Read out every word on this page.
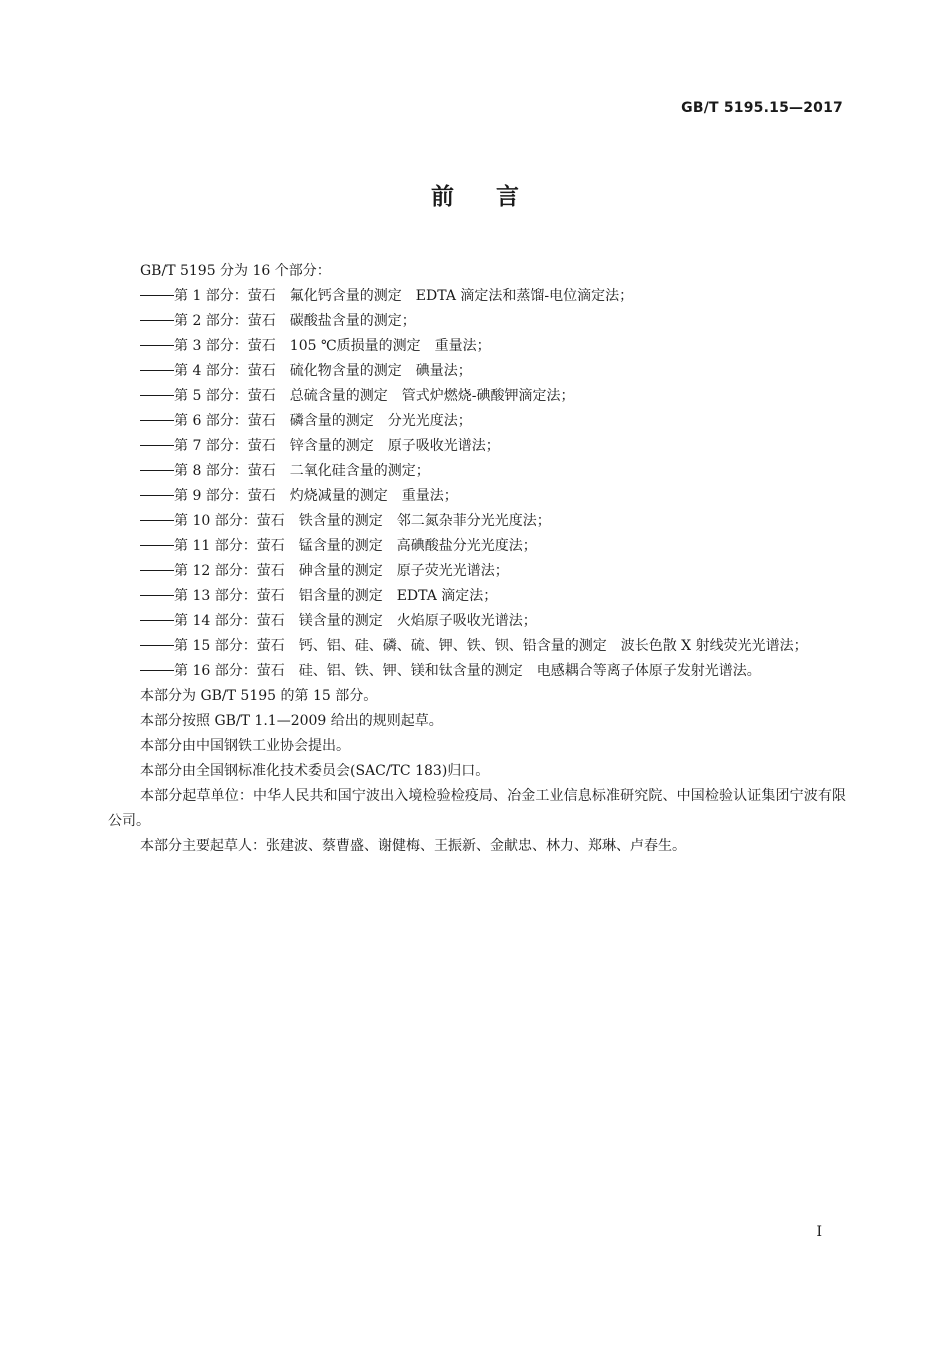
GB/T 5195.15—2017
前言

GB/T 5195 分为 16 个部分：

第 1 部分：萤石　氟化钙含量的测定　EDTA 滴定法和蒸馏-电位滴定法；
第 2 部分：萤石　碳酸盐含量的测定；
第 3 部分：萤石　105 ℃质损量的测定　重量法；
第 4 部分：萤石　硫化物含量的测定　碘量法；
第 5 部分：萤石　总硫含量的测定　管式炉燃烧-碘酸钾滴定法；
第 6 部分：萤石　磷含量的测定　分光光度法；
第 7 部分：萤石　锌含量的测定　原子吸收光谱法；
第 8 部分：萤石　二氧化硅含量的测定；
第 9 部分：萤石　灼烧减量的测定　重量法；
第 10 部分：萤石　铁含量的测定　邻二氮杂菲分光光度法；
第 11 部分：萤石　锰含量的测定　高碘酸盐分光光度法；
第 12 部分：萤石　砷含量的测定　原子荧光光谱法；
第 13 部分：萤石　铝含量的测定　EDTA 滴定法；
第 14 部分：萤石　镁含量的测定　火焰原子吸收光谱法；
第 15 部分：萤石　钙、铝、硅、磷、硫、钾、铁、钡、铅含量的测定　波长色散 X 射线荧光光谱法；
第 16 部分：萤石　硅、铝、铁、钾、镁和钛含量的测定　电感耦合等离子体原子发射光谱法。

本部分为 GB/T 5195 的第 15 部分。

本部分按照 GB/T 1.1—2009 给出的规则起草。

本部分由中国钢铁工业协会提出。

本部分由全国钢标准化技术委员会(SAC/TC 183)归口。

本部分起草单位：中华人民共和国宁波出入境检验检疫局、冶金工业信息标准研究院、中国检验认证集团宁波有限公司。

本部分主要起草人：张建波、蔡曹盛、谢健梅、王振新、金献忠、林力、郑琳、卢春生。

I
